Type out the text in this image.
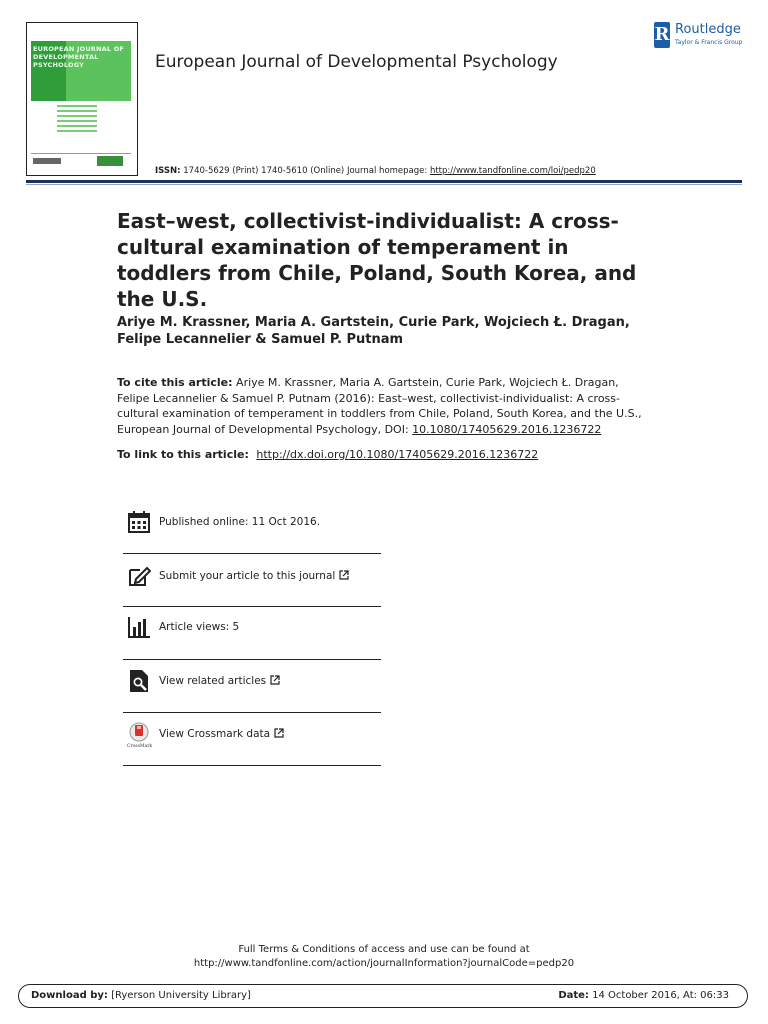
EUROPEAN JOURNAL OF
DEVELOPMENTAL
PSYCHOLOGY	European Journal of Developmental Psychology
R Routledge
Taylor & Francis Group
ISSN: 1740-5629 (Print) 1740-5610 (Online) Journal homepage: http://www.tandfonline.com/loi/pedp20
East–west, collectivist-individualist: A cross-cultural examination of temperament in toddlers from Chile, Poland, South Korea, and the U.S.
Ariye M. Krassner, Maria A. Gartstein, Curie Park, Wojciech Ł. Dragan, Felipe Lecannelier & Samuel P. Putnam
To cite this article: Ariye M. Krassner, Maria A. Gartstein, Curie Park, Wojciech Ł. Dragan, Felipe Lecannelier & Samuel P. Putnam (2016): East–west, collectivist-individualist: A cross-cultural examination of temperament in toddlers from Chile, Poland, South Korea, and the U.S., European Journal of Developmental Psychology, DOI: 10.1080/17405629.2016.1236722
To link to this article: http://dx.doi.org/10.1080/17405629.2016.1236722
Published online: 11 Oct 2016.
Submit your article to this journal
Article views: 5
View related articles
CrossMark
View Crossmark data
Full Terms & Conditions of access and use can be found at
http://www.tandfonline.com/action/journalInformation?journalCode=pedp20
Download by: [Ryerson University Library]	Date: 14 October 2016, At: 06:33
